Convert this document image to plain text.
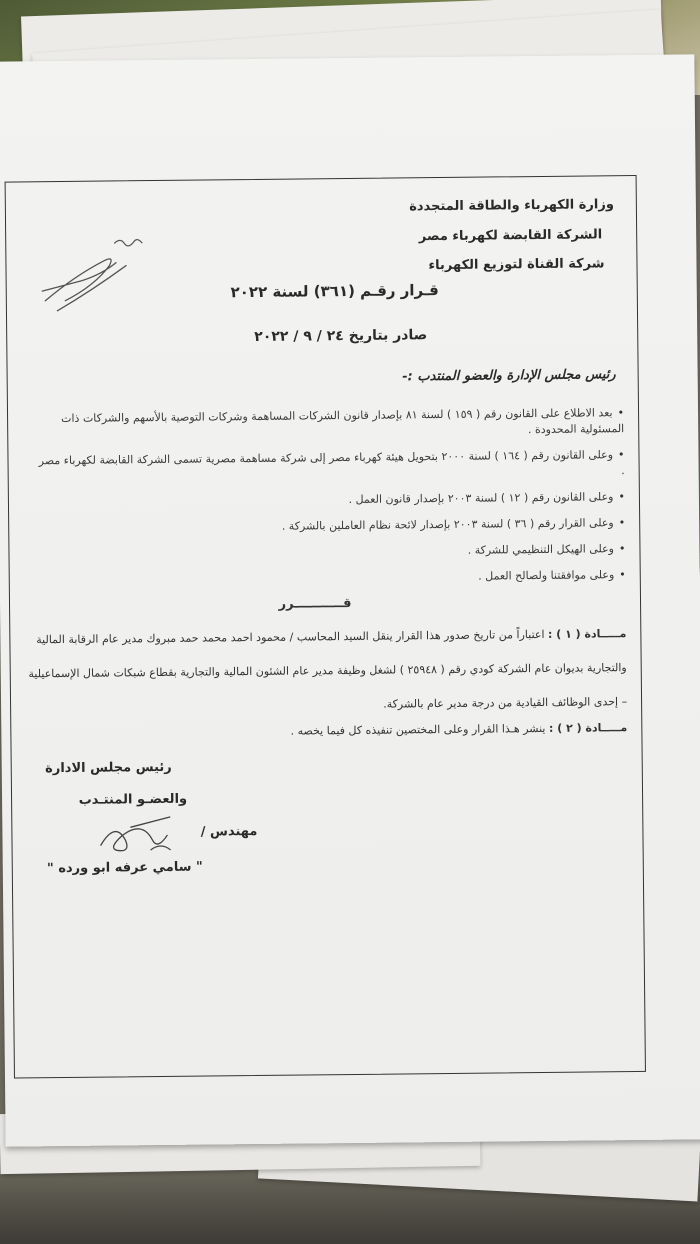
وزارة الكهرباء والطاقة المتجددة
الشركة القابضة لكهرباء مصر
شركة القناة لتوزيع الكهرباء
قـرار رقـم (٣٦١) لسنة ٢٠٢٢
صادر بتاريخ ٢٤ / ٩ / ٢٠٢٢
رئيس مجلس الإدارة والعضو المنتدب :-
• بعد الاطلاع على القانون رقم ( ١٥٩ ) لسنة ٨١ بإصدار قانون الشركات المساهمة وشركات التوصية بالأسهم والشركات ذات المسئولية المحدودة .
• وعلى القانون رقم ( ١٦٤ ) لسنة ٢٠٠٠ بتحويل هيئة كهرباء مصر إلى شركة مساهمة مصرية تسمى الشركة القابضة لكهرباء مصر .
• وعلى القانون رقم ( ١٢ ) لسنة ٢٠٠٣ بإصدار قانون العمل .
• وعلى القرار رقم ( ٣٦ ) لسنة ٢٠٠٣ بإصدار لائحة نظام العاملين بالشركة .
• وعلى الهيكل التنظيمي للشركة .
• وعلى موافقتنا ولصالح العمل .
قـــــــــــرر
مـــــادة ( ١ ) : اعتباراً من تاريخ صدور هذا القرار ينقل السيد المحاسب / محمود احمد محمد حمد مبروك مدير عام الرقابة المالية والتجارية بديوان عام الشركة كودي رقم ( ٢٥٩٤٨ ) لشغل وظيفة مدير عام الشئون المالية والتجارية بقطاع شبكات شمال الإسماعيلية – إحدى الوظائف القيادية من درجة مدير عام بالشركة.
مـــــادة ( ٢ ) : ينشر هـذا القرار وعلى المختصين تنفيذه كل فيما يخصه .
رئيس مجلس الادارة
والعضـو المنتـدب
مهندس /
" سامي عرفه ابو ورده "
